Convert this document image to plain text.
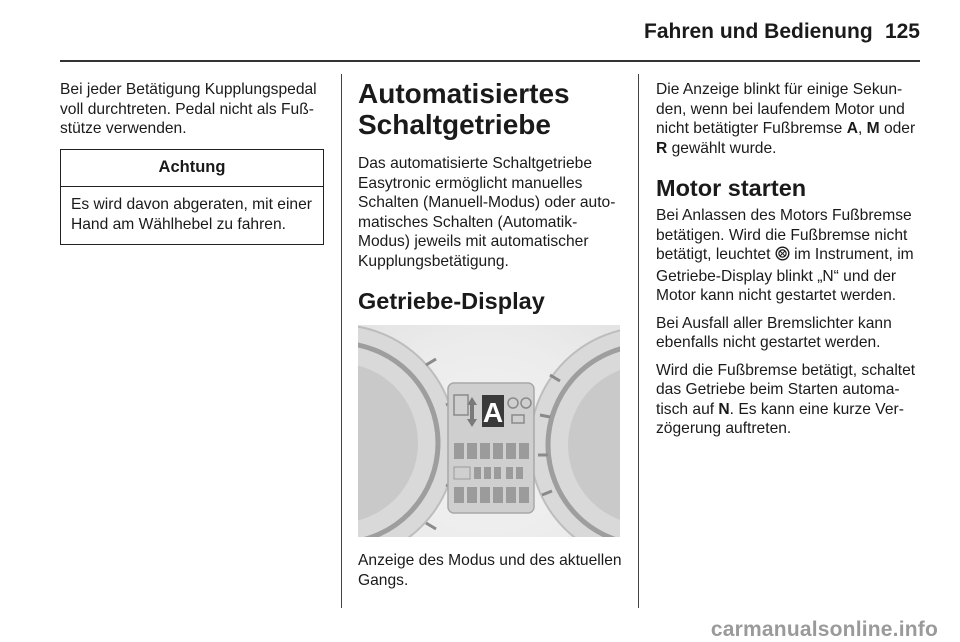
Fahren und Bedienung 125

Bei jeder Betätigung Kupplungspedal voll durchtreten. Pedal nicht als Fußstütze verwenden.

Achtung
Es wird davon abgeraten, mit einer Hand am Wählhebel zu fahren.
Automatisiertes Schaltgetriebe

Das automatisierte Schaltgetriebe Easytronic ermöglicht manuelles Schalten (Manuell-Modus) oder automatisches Schalten (Automatik-Modus) jeweils mit automatischer Kupplungsbetätigung.

Getriebe-Display
A

Anzeige des Modus und des aktuellen Gangs.

Die Anzeige blinkt für einige Sekunden, wenn bei laufendem Motor und nicht betätigter Fußbremse A, M oder R gewählt wurde.

Motor starten

Bei Anlassen des Motors Fußbremse betätigen. Wird die Fußbremse nicht betätigt, leuchtet  im Instrument, im Getriebe-Display blinkt „N“ und der Motor kann nicht gestartet werden.

Bei Ausfall aller Bremslichter kann ebenfalls nicht gestartet werden.

Wird die Fußbremse betätigt, schaltet das Getriebe beim Starten automatisch auf N. Es kann eine kurze Verzögerung auftreten.

carmanualsonline.info
